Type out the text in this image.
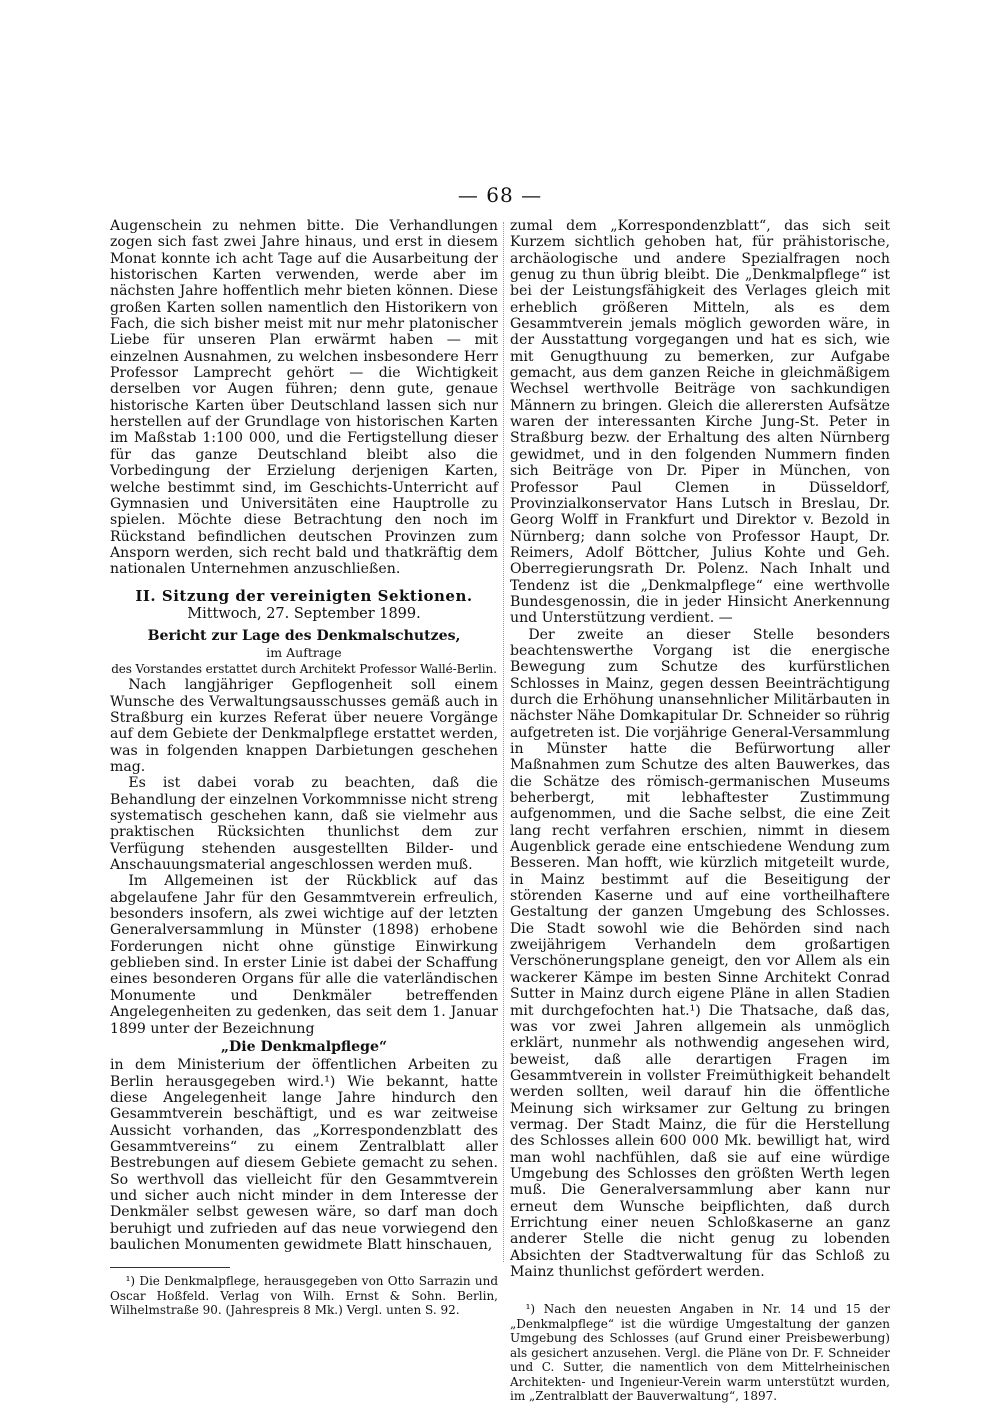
— 68 —

Augenschein zu nehmen bitte. Die Verhandlungen zogen sich fast zwei Jahre hinaus, und erst in diesem Monat konnte ich acht Tage auf die Ausarbeitung der historischen Karten verwenden, werde aber im nächsten Jahre hoffentlich mehr bieten können. Diese großen Karten sollen namentlich den Historikern von Fach, die sich bisher meist mit nur mehr platonischer Liebe für unseren Plan erwärmt haben — mit einzelnen Ausnahmen, zu welchen insbesondere Herr Professor Lamprecht gehört — die Wichtigkeit derselben vor Augen führen; denn gute, genaue historische Karten über Deutschland lassen sich nur herstellen auf der Grundlage von historischen Karten im Maßstab 1:100 000, und die Fertigstellung dieser für das ganze Deutschland bleibt also die Vorbedingung der Erzielung derjenigen Karten, welche bestimmt sind, im Geschichts-Unterricht auf Gymnasien und Universitäten eine Hauptrolle zu spielen. Möchte diese Betrachtung den noch im Rückstand befindlichen deutschen Provinzen zum Ansporn werden, sich recht bald und thatkräftig dem nationalen Unternehmen anzuschließen.

II. Sitzung der vereinigten Sektionen.

Mittwoch, 27. September 1899.

Bericht zur Lage des Denkmalschutzes,

im Auftrage

des Vorstandes erstattet durch Architekt Professor Wallé-Berlin.

Nach langjähriger Gepflogenheit soll einem Wunsche des Verwaltungsausschusses gemäß auch in Straßburg ein kurzes Referat über neuere Vorgänge auf dem Gebiete der Denkmalpflege erstattet werden, was in folgenden knappen Darbietungen geschehen mag.

Es ist dabei vorab zu beachten, daß die Behandlung der einzelnen Vorkommnisse nicht streng systematisch geschehen kann, daß sie vielmehr aus praktischen Rücksichten thunlichst dem zur Verfügung stehenden ausgestellten Bilder- und Anschauungsmaterial angeschlossen werden muß.

Im Allgemeinen ist der Rückblick auf das abgelaufene Jahr für den Gesammtverein erfreulich, besonders insofern, als zwei wichtige auf der letzten Generalversammlung in Münster (1898) erhobene Forderungen nicht ohne günstige Einwirkung geblieben sind. In erster Linie ist dabei der Schaffung eines besonderen Organs für alle die vaterländischen Monumente und Denkmäler betreffenden Angelegenheiten zu gedenken, das seit dem 1. Januar 1899 unter der Bezeichnung

„Die Denkmalpflege“

in dem Ministerium der öffentlichen Arbeiten zu Berlin herausgegeben wird.¹) Wie bekannt, hatte diese Angelegenheit lange Jahre hindurch den Gesammtverein beschäftigt, und es war zeitweise Aussicht vorhanden, das „Korrespondenzblatt des Gesammtvereins“ zu einem Zentralblatt aller Bestrebungen auf diesem Gebiete gemacht zu sehen. So werthvoll das vielleicht für den Gesammtverein und sicher auch nicht minder in dem Interesse der Denkmäler selbst gewesen wäre, so darf man doch beruhigt und zufrieden auf das neue vorwiegend den baulichen Monumenten gewidmete Blatt hinschauen,

¹) Die Denkmalpflege, herausgegeben von Otto Sarrazin und Oscar Hoßfeld. Verlag von Wilh. Ernst & Sohn. Berlin, Wilhelmstraße 90. (Jahrespreis 8 Mk.) Vergl. unten S. 92.

zumal dem „Korrespondenzblatt“, das sich seit Kurzem sichtlich gehoben hat, für prähistorische, archäologische und andere Spezialfragen noch genug zu thun übrig bleibt. Die „Denkmalpflege“ ist bei der Leistungsfähigkeit des Verlages gleich mit erheblich größeren Mitteln, als es dem Gesammtverein jemals möglich geworden wäre, in der Ausstattung vorgegangen und hat es sich, wie mit Genugthuung zu bemerken, zur Aufgabe gemacht, aus dem ganzen Reiche in gleichmäßigem Wechsel werthvolle Beiträge von sachkundigen Männern zu bringen. Gleich die allerersten Aufsätze waren der interessanten Kirche Jung-St. Peter in Straßburg bezw. der Erhaltung des alten Nürnberg gewidmet, und in den folgenden Nummern finden sich Beiträge von Dr. Piper in München, von Professor Paul Clemen in Düsseldorf, Provinzialkonservator Hans Lutsch in Breslau, Dr. Georg Wolff in Frankfurt und Direktor v. Bezold in Nürnberg; dann solche von Professor Haupt, Dr. Reimers, Adolf Böttcher, Julius Kohte und Geh. Oberregierungsrath Dr. Polenz. Nach Inhalt und Tendenz ist die „Denkmalpflege“ eine werthvolle Bundesgenossin, die in jeder Hinsicht Anerkennung und Unterstützung verdient. —

Der zweite an dieser Stelle besonders beachtenswerthe Vorgang ist die energische Bewegung zum Schutze des kurfürstlichen Schlosses in Mainz, gegen dessen Beeinträchtigung durch die Erhöhung unansehnlicher Militärbauten in nächster Nähe Domkapitular Dr. Schneider so rührig aufgetreten ist. Die vorjährige General-Versammlung in Münster hatte die Befürwortung aller Maßnahmen zum Schutze des alten Bauwerkes, das die Schätze des römisch-germanischen Museums beherbergt, mit lebhaftester Zustimmung aufgenommen, und die Sache selbst, die eine Zeit lang recht verfahren erschien, nimmt in diesem Augenblick gerade eine entschiedene Wendung zum Besseren. Man hofft, wie kürzlich mitgeteilt wurde, in Mainz bestimmt auf die Beseitigung der störenden Kaserne und auf eine vortheilhaftere Gestaltung der ganzen Umgebung des Schlosses. Die Stadt sowohl wie die Behörden sind nach zweijährigem Verhandeln dem großartigen Verschönerungsplane geneigt, den vor Allem als ein wackerer Kämpe im besten Sinne Architekt Conrad Sutter in Mainz durch eigene Pläne in allen Stadien mit durchgefochten hat.¹) Die Thatsache, daß das, was vor zwei Jahren allgemein als unmöglich erklärt, nunmehr als nothwendig angesehen wird, beweist, daß alle derartigen Fragen im Gesammtverein in vollster Freimüthigkeit behandelt werden sollten, weil darauf hin die öffentliche Meinung sich wirksamer zur Geltung zu bringen vermag. Der Stadt Mainz, die für die Herstellung des Schlosses allein 600 000 Mk. bewilligt hat, wird man wohl nachfühlen, daß sie auf eine würdige Umgebung des Schlosses den größten Werth legen muß. Die Generalversammlung aber kann nur erneut dem Wunsche beipflichten, daß durch Errichtung einer neuen Schloßkaserne an ganz anderer Stelle die nicht genug zu lobenden Absichten der Stadtverwaltung für das Schloß zu Mainz thunlichst gefördert werden.

¹) Nach den neuesten Angaben in Nr. 14 und 15 der „Denkmalpflege“ ist die würdige Umgestaltung der ganzen Umgebung des Schlosses (auf Grund einer Preisbewerbung) als gesichert anzusehen. Vergl. die Pläne von Dr. F. Schneider und C. Sutter, die namentlich von dem Mittelrheinischen Architekten- und Ingenieur-Verein warm unterstützt wurden, im „Zentralblatt der Bauverwaltung“, 1897.
